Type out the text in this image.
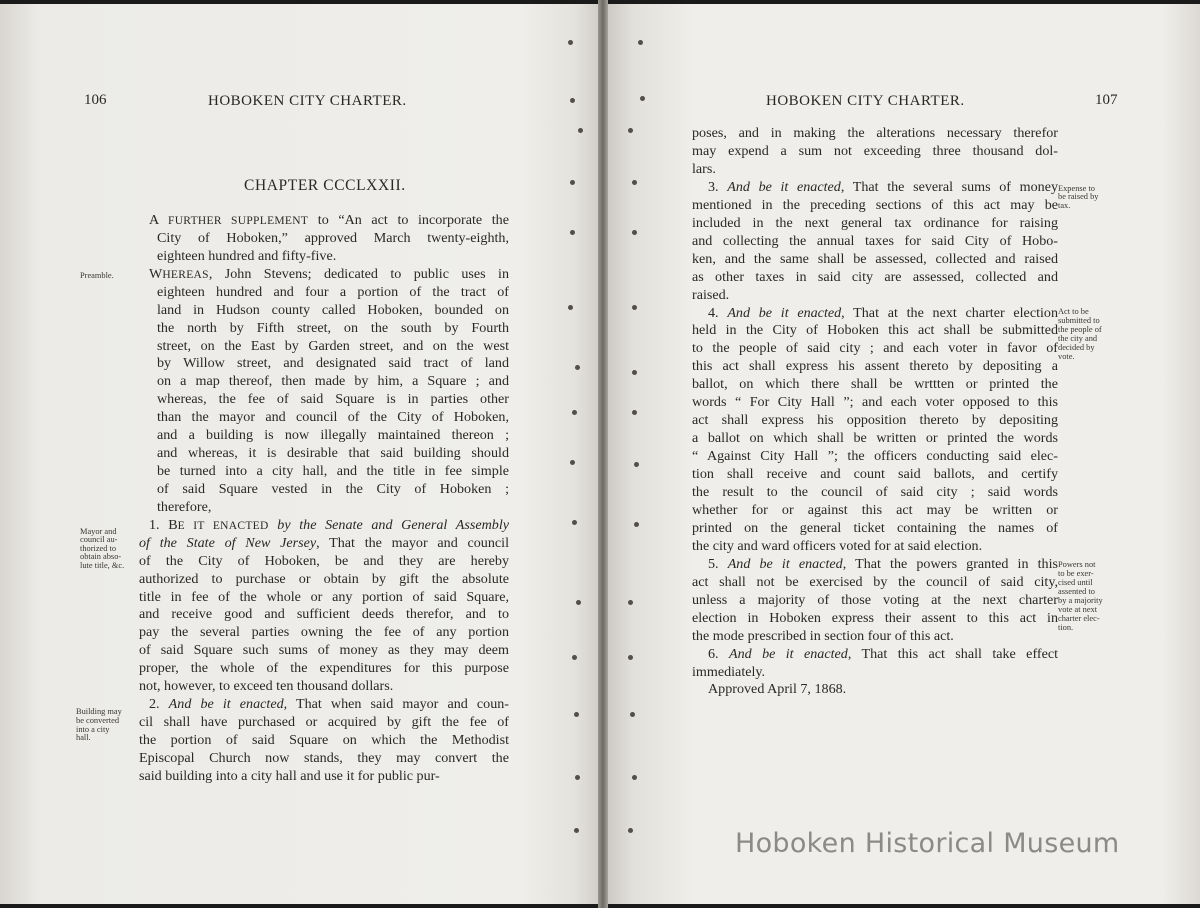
106	HOBOKEN CITY CHARTER.
CHAPTER CCCLXXII.
A FURTHER SUPPLEMENT to “An act to incorporate the
City of Hoboken,” approved March twenty-eighth,
eighteen hundred and fifty-five.
WHEREAS, John Stevens; dedicated to public uses in
eighteen hundred and four a portion of the tract of
land in Hudson county called Hoboken, bounded on
the north by Fifth street, on the south by Fourth
street, on the East by Garden street, and on the west
by Willow street, and designated said tract of land
on a map thereof, then made by him, a Square ; and
whereas, the fee of said Square is in parties other
than the mayor and council of the City of Hoboken,
and a building is now illegally maintained thereon ;
and whereas, it is desirable that said building should
be turned into a city hall, and the title in fee simple
of said Square vested in the City of Hoboken ;
therefore,
1. BE IT ENACTED by the Senate and General Assembly
of the State of New Jersey, That the mayor and council
of the City of Hoboken, be and they are hereby
authorized to purchase or obtain by gift the absolute
title in fee of the whole or any portion of said Square,
and receive good and sufficient deeds therefor, and to
pay the several parties owning the fee of any portion
of said Square such sums of money as they may deem
proper, the whole of the expenditures for this purpose
not, however, to exceed ten thousand dollars.
2. And be it enacted, That when said mayor and coun-
cil shall have purchased or acquired by gift the fee of
the portion of said Square on which the Methodist
Episcopal Church now stands, they may convert the
said building into a city hall and use it for public pur-
Preamble.
Mayor and
council au-
thorized to
obtain abso-
lute title, &c.
Building may
be converted
into a city
hall.
HOBOKEN CITY CHARTER.	107
poses, and in making the alterations necessary therefor
may expend a sum not exceeding three thousand dol-
lars.
3. And be it enacted, That the several sums of money
mentioned in the preceding sections of this act may be
included in the next general tax ordinance for raising
and collecting the annual taxes for said City of Hobo-
ken, and the same shall be assessed, collected and raised
as other taxes in said city are assessed, collected and
raised.
4. And be it enacted, That at the next charter election
held in the City of Hoboken this act shall be submitted
to the people of said city ; and each voter in favor of
this act shall express his assent thereto by depositing a
ballot, on which there shall be wrttten or printed the
words “ For City Hall ”; and each voter opposed to this
act shall express his opposition thereto by depositing
a ballot on which shall be written or printed the words
“ Against City Hall ”; the officers conducting said elec-
tion shall receive and count said ballots, and certify
the result to the council of said city ; said words
whether for or against this act may be written or
printed on the general ticket containing the names of
the city and ward officers voted for at said election.
5. And be it enacted, That the powers granted in this
act shall not be exercised by the council of said city,
unless a majority of those voting at the next charter
election in Hoboken express their assent to this act in
the mode prescribed in section four of this act.
6. And be it enacted, That this act shall take effect
immediately.
Approved April 7, 1868.
Expense to
be raised by
tax.
Act to be
submitted to
the people of
the city and
decided by
vote.
Powers not
to be exer-
cised until
assented to
by a majority
vote at next
charter elec-
tion.
Hoboken Historical Museum
